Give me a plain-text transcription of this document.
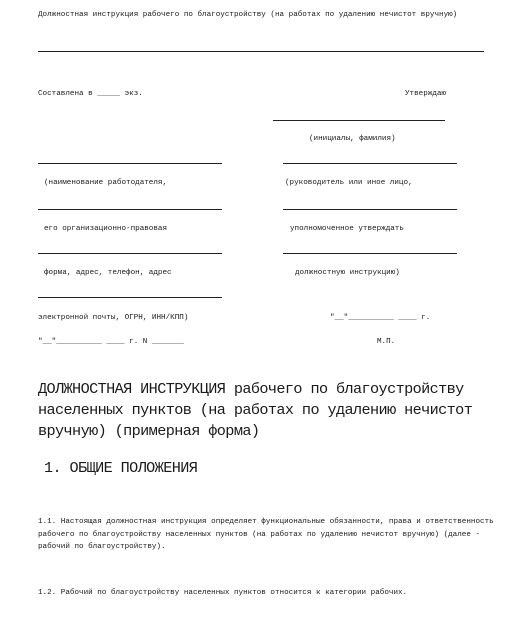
Должностная инструкция рабочего по благоустройству (на работах по удалению нечистот вручную)
Составлена в _____ экз.
(наименование работодателя,
его организационно-правовая
форма, адрес, телефон, адрес
электронной почты, ОГРН, ИНН/КПП)
"__"__________ ____ г. N _______
Утверждаю
(инициалы, фамилия)
(руководитель или иное лицо,
уполномоченное утверждать
должностную инструкцию)
"__"__________ ____ г.
М.П.
ДОЛЖНОСТНАЯ ИНСТРУКЦИЯ рабочего по благоустройству населенных пунктов (на работах по удалению нечистот вручную) (примерная форма)
1. ОБЩИЕ ПОЛОЖЕНИЯ
1.1. Настоящая должностная инструкция определяет функциональные обязанности, права и ответственность рабочего по благоустройству населенных пунктов (на работах по удалению нечистот вручную) (далее - рабочий по благоустройству).
1.2. Рабочий по благоустройству населенных пунктов относится к категории рабочих.
